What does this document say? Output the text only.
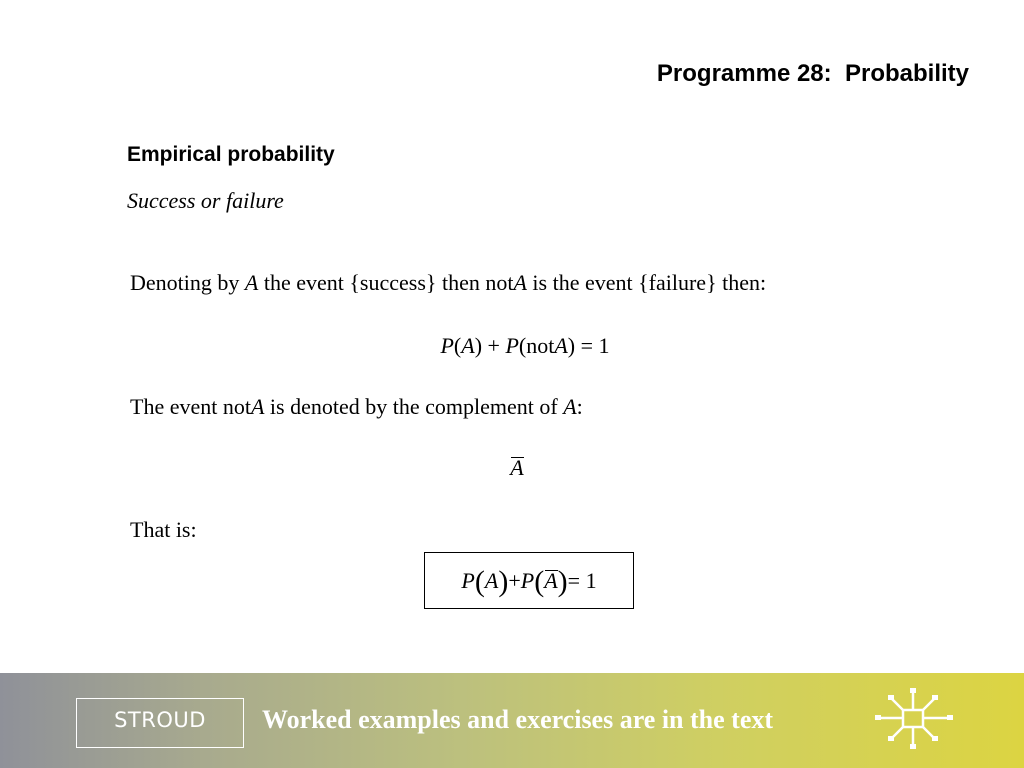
Programme 28:  Probability
Empirical probability
Success or failure
Denoting by A the event {success} then notA is the event {failure} then:
P(A) + P(notA) = 1
The event notA is denoted by the complement of A:
A
That is:
P ( A ) + P ( A ) = 1
STROUD Worked examples and exercises are in the text
